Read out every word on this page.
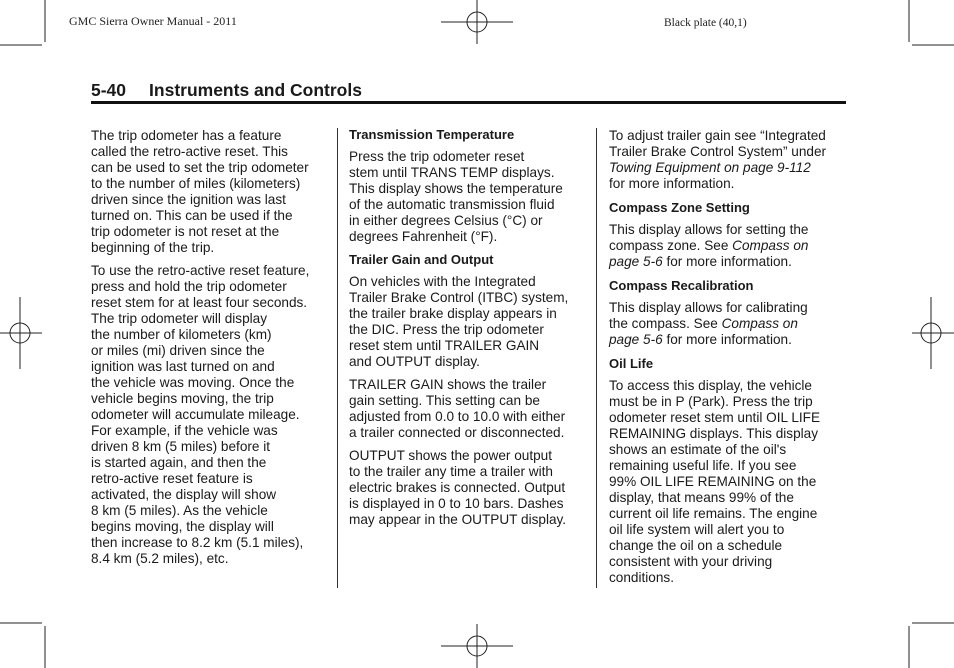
GMC Sierra Owner Manual - 2011	Black plate (40,1)
5-40 Instruments and Controls

The trip odometer has a feature
called the retro-active reset. This
can be used to set the trip odometer
to the number of miles (kilometers)
driven since the ignition was last
turned on. This can be used if the
trip odometer is not reset at the
beginning of the trip.

To use the retro-active reset feature,
press and hold the trip odometer
reset stem for at least four seconds.
The trip odometer will display
the number of kilometers (km)
or miles (mi) driven since the
ignition was last turned on and
the vehicle was moving. Once the
vehicle begins moving, the trip
odometer will accumulate mileage.
For example, if the vehicle was
driven 8 km (5 miles) before it
is started again, and then the
retro-active reset feature is
activated, the display will show
8 km (5 miles). As the vehicle
begins moving, the display will
then increase to 8.2 km (5.1 miles),
8.4 km (5.2 miles), etc.

Transmission Temperature

Press the trip odometer reset
stem until TRANS TEMP displays.
This display shows the temperature
of the automatic transmission fluid
in either degrees Celsius (°C) or
degrees Fahrenheit (°F).

Trailer Gain and Output

On vehicles with the Integrated
Trailer Brake Control (ITBC) system,
the trailer brake display appears in
the DIC. Press the trip odometer
reset stem until TRAILER GAIN
and OUTPUT display.

TRAILER GAIN shows the trailer
gain setting. This setting can be
adjusted from 0.0 to 10.0 with either
a trailer connected or disconnected.

OUTPUT shows the power output
to the trailer any time a trailer with
electric brakes is connected. Output
is displayed in 0 to 10 bars. Dashes
may appear in the OUTPUT display.

To adjust trailer gain see “Integrated
Trailer Brake Control System” under

Towing Equipment on page 9-112

for more information.

Compass Zone Setting

This display allows for setting the
compass zone. See Compass on
page 5-6 for more information.

Compass Recalibration

This display allows for calibrating
the compass. See Compass on
page 5-6 for more information.

Oil Life

To access this display, the vehicle
must be in P (Park). Press the trip
odometer reset stem until OIL LIFE
REMAINING displays. This display
shows an estimate of the oil's
remaining useful life. If you see
99% OIL LIFE REMAINING on the
display, that means 99% of the
current oil life remains. The engine
oil life system will alert you to
change the oil on a schedule
consistent with your driving
conditions.
